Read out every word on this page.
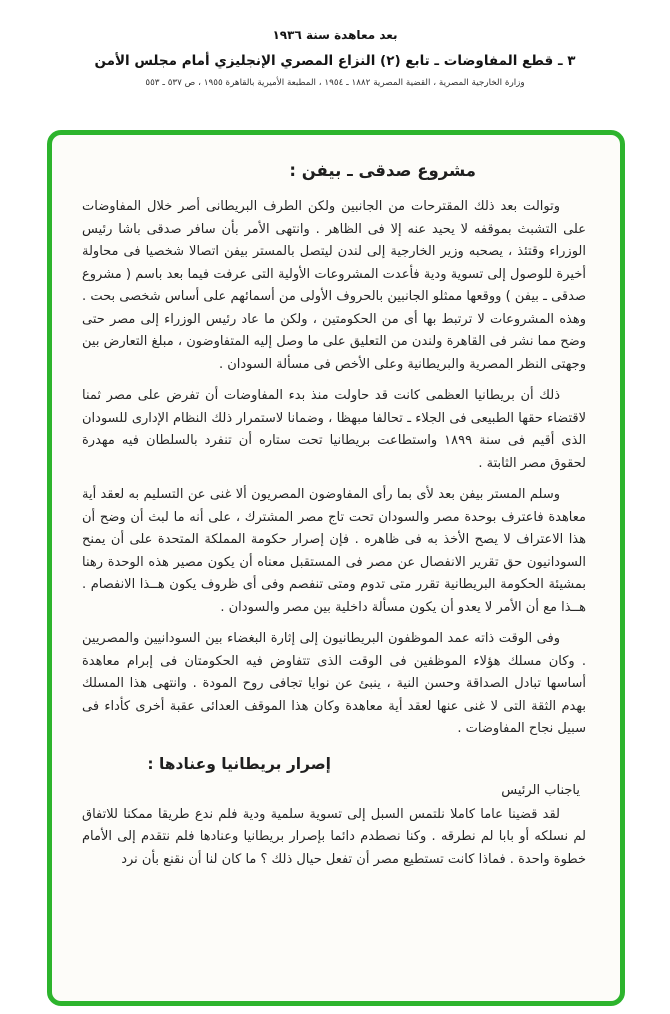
بعد معاهدة سنة ١٩٣٦
٣ ـ قطع المفاوضات ـ تابع (٢) النزاع المصري الإنجليزي أمام مجلس الأمن
وزارة الخارجية المصرية ، القضية المصرية ١٨٨٢ ـ ١٩٥٤ ، المطبعة الأميرية بالقاهرة ١٩٥٥ ، ص ٥٣٧ ـ ٥٥٣
مشروع صدقى ـ بيفن :

وتوالت بعد ذلك المقترحات من الجانبين ولكن الطرف البريطانى أصر خلال المفاوضات على التشبث بموقفه لا يحيد عنه إلا فى الظاهر . وانتهى الأمر بأن سافر صدقى باشا رئيس الوزراء وقتئذ ، يصحبه وزير الخارجية إلى لندن ليتصل بالمستر بيفن اتصالا شخصيا فى محاولة أخيرة للوصول إلى تسوية ودية فأعدت المشروعات الأولية التى عرفت فيما بعد باسم ( مشروع صدقى ـ بيفن ) ووقعها ممثلو الجانبين بالحروف الأولى من أسمائهم على أساس شخصى بحت . وهذه المشروعات لا ترتبط بها أى من الحكومتين ، ولكن ما عاد رئيس الوزراء إلى مصر حتى وضح مما نشر فى القاهرة ولندن من التعليق على ما وصل إليه المتفاوضون ، مبلغ التعارض بين وجهتى النظر المصرية والبريطانية وعلى الأخص فى مسألة السودان .

ذلك أن بريطانيا العظمى كانت قد حاولت منذ بدء المفاوضات أن تفرض على مصر ثمنا لاقتضاء حقها الطبيعى فى الجلاء ـ تحالفا مبهظا ، وضمانا لاستمرار ذلك النظام الإدارى للسودان الذى أقيم فى سنة ١٨٩٩ واستطاعت بريطانيا تحت ستاره أن تنفرد بالسلطان فيه مهدرة لحقوق مصر الثابتة .

وسلم المستر بيفن بعد لأى بما رأى المفاوضون المصريون ألا غنى عن التسليم به لعقد أية معاهدة فاعترف بوحدة مصر والسودان تحت تاج مصر المشترك ، على أنه ما لبث أن وضح أن هذا الاعتراف لا يصح الأخذ به فى ظاهره . فإن إصرار حكومة المملكة المتحدة على أن يمنح السودانيون حق تقرير الانفصال عن مصر فى المستقبل معناه أن يكون مصير هذه الوحدة رهنا بمشيئة الحكومة البريطانية تقرر متى تدوم ومتى تنفصم وفى أى ظروف يكون هــذا الانفصام . هــذا مع أن الأمر لا يعدو أن يكون مسألة داخلية بين مصر والسودان .

وفى الوقت ذاته عمد الموظفون البريطانيون إلى إثارة البغضاء بين السودانيين والمصريين . وكان مسلك هؤلاء الموظفين فى الوقت الذى تتفاوض فيه الحكومتان فى إبرام معاهدة أساسها تبادل الصداقة وحسن النية ، ينبئ عن نوايا تجافى روح المودة . وانتهى هذا المسلك بهدم الثقة التى لا غنى عنها لعقد أية معاهدة وكان هذا الموقف العدائى عقبة أخرى كأداء فى سبيل نجاح المفاوضات .

إصرار بريطانيا وعنادها :
ياجناب الرئيس

لقد قضينا عاما كاملا نلتمس السبل إلى تسوية سلمية ودية فلم ندع طريقا ممكنا للاتفاق لم نسلكه أو بابا لم نطرقه . وكنا نصطدم دائما بإصرار بريطانيا وعنادها فلم نتقدم إلى الأمام خطوة واحدة . فماذا كانت تستطيع مصر أن تفعل حيال ذلك ؟ ما كان لنا أن نقنع بأن نرد
